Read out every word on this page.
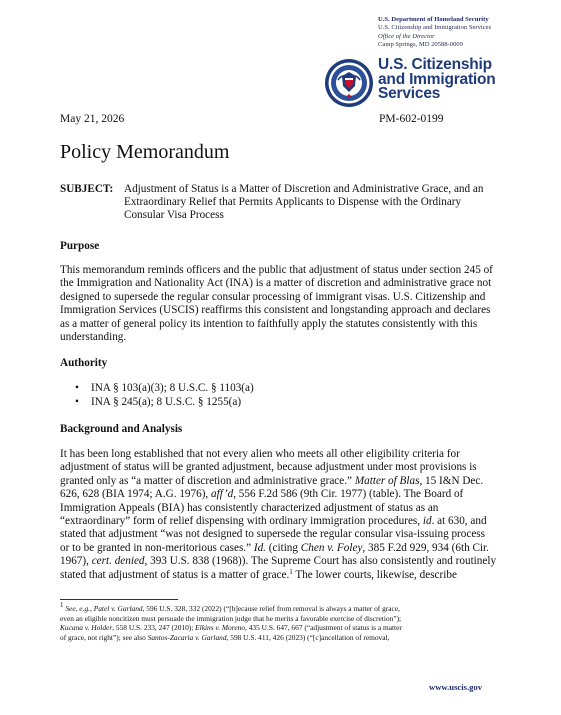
U.S. Department of Homeland Security
U.S. Citizenship and Immigration Services
Office of the Director
Camp Springs, MD 20588-0009
U.S. Citizenship
and Immigration
Services
May 21, 2026	PM-602-0199
Policy Memorandum
SUBJECT: Adjustment of Status is a Matter of Discretion and Administrative Grace, and an
Extraordinary Relief that Permits Applicants to Dispense with the Ordinary
Consular Visa Process
Purpose
This memorandum reminds officers and the public that adjustment of status under section 245 of
the Immigration and Nationality Act (INA) is a matter of discretion and administrative grace not
designed to supersede the regular consular processing of immigrant visas. U.S. Citizenship and
Immigration Services (USCIS) reaffirms this consistent and longstanding approach and declares
as a matter of general policy its intention to faithfully apply the statutes consistently with this
understanding.
Authority
• INA § 103(a)(3); 8 U.S.C. § 1103(a)
• INA § 245(a); 8 U.S.C. § 1255(a)
Background and Analysis
It has been long established that not every alien who meets all other eligibility criteria for
adjustment of status will be granted adjustment, because adjustment under most provisions is
granted only as “a matter of discretion and administrative grace.” Matter of Blas, 15 I&N Dec.
626, 628 (BIA 1974; A.G. 1976), aff’d, 556 F.2d 586 (9th Cir. 1977) (table). The Board of
Immigration Appeals (BIA) has consistently characterized adjustment of status as an
“extraordinary” form of relief dispensing with ordinary immigration procedures, id. at 630, and
stated that adjustment “was not designed to supersede the regular consular visa-issuing process
or to be granted in non-meritorious cases.” Id. (citing Chen v. Foley, 385 F.2d 929, 934 (6th Cir.
1967), cert. denied, 393 U.S. 838 (1968)). The Supreme Court has also consistently and routinely
stated that adjustment of status is a matter of grace.$^1$ The lower courts, likewise, describe
$^1$ See, e.g., Patel v. Garland, 596 U.S. 328, 332 (2022) (“[b]ecause relief from removal is always a matter of grace,
even an eligible noncitizen must persuade the immigration judge that he merits a favorable exercise of discretion”);
Kucana v. Holder, 558 U.S. 233, 247 (2010); Elkins v. Moreno, 435 U.S. 647, 667 (“adjustment of status is a matter
of grace, not right”); see also Santos-Zacaria v. Garland, 598 U.S. 411, 426 (2023) (“[c]ancellation of removal,
www.uscis.gov
